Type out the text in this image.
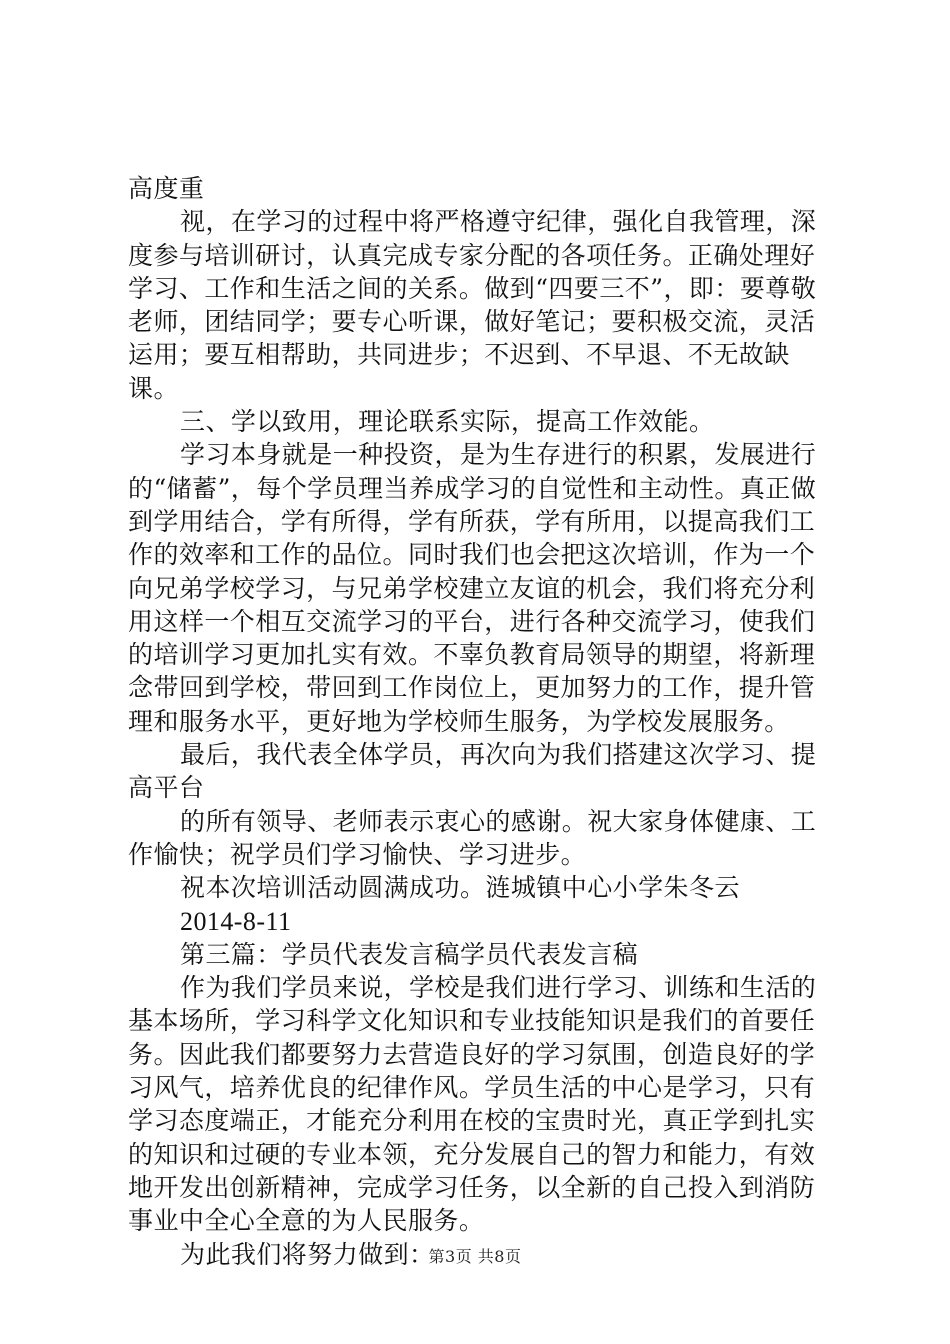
高度重

视，在学习的过程中将严格遵守纪律，强化自我管理，深度参与培训研讨，认真完成专家分配的各项任务。正确处理好学习、工作和生活之间的关系。做到“四要三不”，即：要尊敬老师，团结同学；要专心听课，做好笔记；要积极交流，灵活运用；要互相帮助，共同进步；不迟到、不早退、不无故缺课。

三、学以致用，理论联系实际，提高工作效能。

学习本身就是一种投资，是为生存进行的积累，发展进行的“储蓄”，每个学员理当养成学习的自觉性和主动性。真正做到学用结合，学有所得，学有所获，学有所用，以提高我们工作的效率和工作的品位。同时我们也会把这次培训，作为一个向兄弟学校学习，与兄弟学校建立友谊的机会，我们将充分利用这样一个相互交流学习的平台，进行各种交流学习，使我们的培训学习更加扎实有效。不辜负教育局领导的期望，将新理念带回到学校，带回到工作岗位上，更加努力的工作，提升管理和服务水平，更好地为学校师生服务，为学校发展服务。

最后，我代表全体学员，再次向为我们搭建这次学习、提高平台

的所有领导、老师表示衷心的感谢。祝大家身体健康、工作愉快；祝学员们学习愉快、学习进步。

祝本次培训活动圆满成功。涟城镇中心小学朱冬云

2014-8-11

第三篇：学员代表发言稿学员代表发言稿

作为我们学员来说，学校是我们进行学习、训练和生活的基本场所，学习科学文化知识和专业技能知识是我们的首要任务。因此我们都要努力去营造良好的学习氛围，创造良好的学习风气，培养优良的纪律作风。学员生活的中心是学习，只有学习态度端正，才能充分利用在校的宝贵时光，真正学到扎实的知识和过硬的专业本领，充分发展自己的智力和能力，有效地开发出创新精神，完成学习任务，以全新的自己投入到消防事业中全心全意的为人民服务。

为此我们将努力做到：

第3页 共8页
